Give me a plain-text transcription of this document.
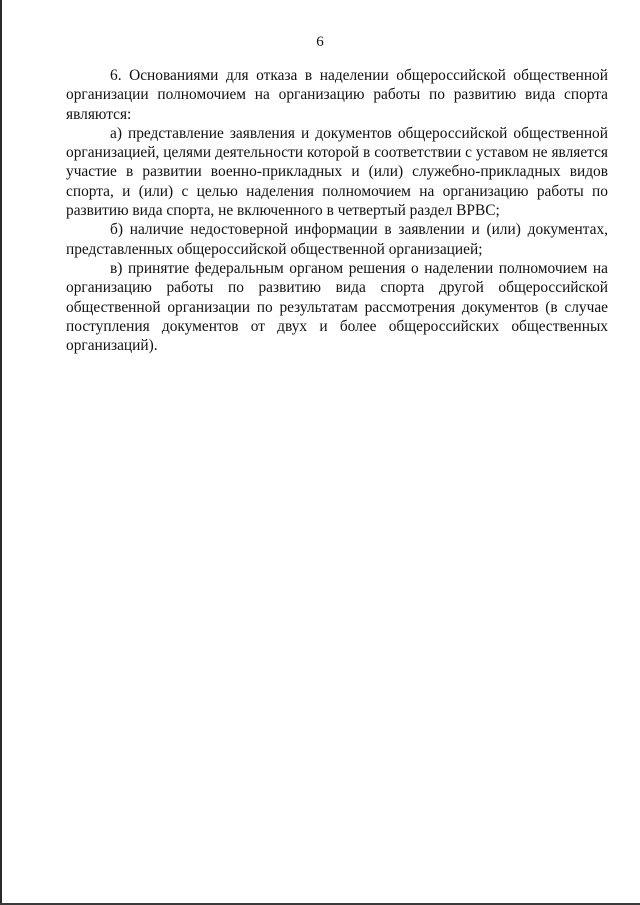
6

6. Основаниями для отказа в наделении общероссийской общественной организации полномочием на организацию работы по развитию вида спорта являются:

а) представление заявления и документов общероссийской общественной организацией, целями деятельности которой в соответствии с уставом не является участие в развитии военно-прикладных и (или) служебно-прикладных видов спорта, и (или) с целью наделения полномочием на организацию работы по развитию вида спорта, не включенного в четвертый раздел ВРВС;

б) наличие недостоверной информации в заявлении и (или) документах, представленных общероссийской общественной организацией;

в) принятие федеральным органом решения о наделении полномочием на организацию работы по развитию вида спорта другой общероссийской общественной организации по результатам рассмотрения документов (в случае поступления документов от двух и более общероссийских общественных организаций).
